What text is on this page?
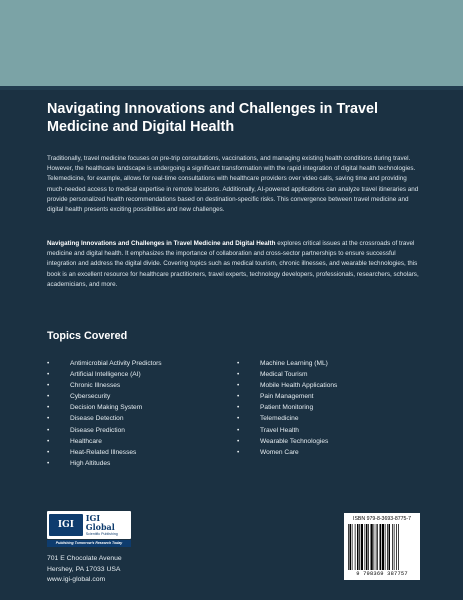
Navigating Innovations and Challenges in Travel Medicine and Digital Health

Traditionally, travel medicine focuses on pre-trip consultations, vaccinations, and managing existing health conditions during travel. However, the healthcare landscape is undergoing a significant transformation with the rapid integration of digital health technologies. Telemedicine, for example, allows for real-time consultations with healthcare providers over video calls, saving time and providing much-needed access to medical expertise in remote locations. Additionally, AI-powered applications can analyze travel itineraries and provide personalized health recommendations based on destination-specific risks. This convergence between travel medicine and digital health presents exciting possibilities and new challenges.

Navigating Innovations and Challenges in Travel Medicine and Digital Health explores critical issues at the crossroads of travel medicine and digital health. It emphasizes the importance of collaboration and cross-sector partnerships to ensure successful integration and address the digital divide. Covering topics such as medical tourism, chronic illnesses, and wearable technologies, this book is an excellent resource for healthcare practitioners, travel experts, technology developers, professionals, researchers, scholars, academicians, and more.

Topics Covered
•	Antimicrobial Activity Predictors
•	Artificial Intelligence (AI)
•	Chronic Illnesses
•	Cybersecurity
•	Decision Making System
•	Disease Detection
•	Disease Prediction
•	Healthcare
•	Heat-Related Illnesses
•	High Altitudes
•	Machine Learning (ML)
•	Medical Tourism
•	Mobile Health Applications
•	Pain Management
•	Patient Monitoring
•	Telemedicine
•	Travel Health
•	Wearable Technologies
•	Women Care
IGI
IGI Global
Scientific Publishing
Publishing Tomorrow's Research Today

701 E Chocolate Avenue

Hershey, PA 17033 USA

www.igi-global.com

ISBN 979-8-3693-8775-7
9 798369 387757
